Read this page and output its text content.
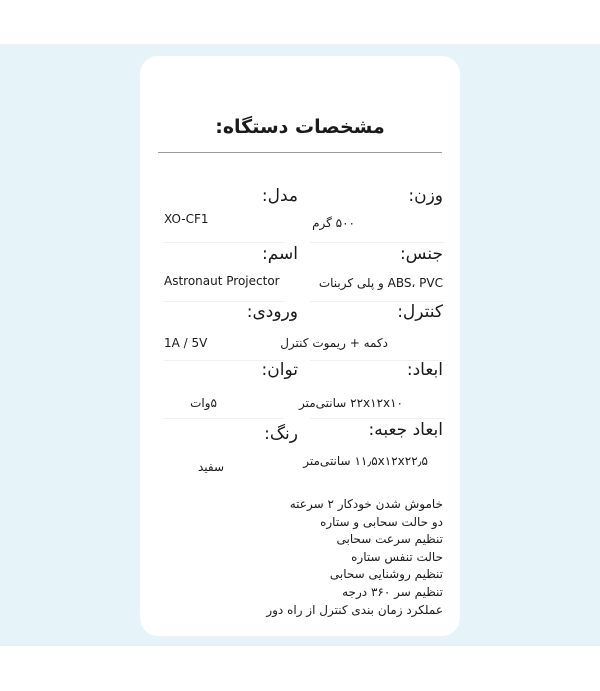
مشخصات دستگاه:
وزن:
۵۰۰ گرم
جنس:
ABS، PVC و پلی کربنات
کنترل:
دکمه + ریموت کنترل
ابعاد:
۲۲x۱۲x۱۰ سانتی‌متر
ابعاد جعبه:
۱۱٫۵x۱۲x۲۲٫۵ سانتی‌متر
مدل:
XO-CF1
اسم:
Astronaut Projector
ورودی:
1A / 5V
توان:
۵وات
رنگ:
سفید
خاموش شدن خودکار ۲ سرعته
دو حالت سحابی و ستاره
تنظیم سرعت سحابی
حالت تنفس ستاره
تنظیم روشنایی سحابی
تنظیم سر ۳۶۰ درجه
عملکرد زمان بندی کنترل از راه دور
